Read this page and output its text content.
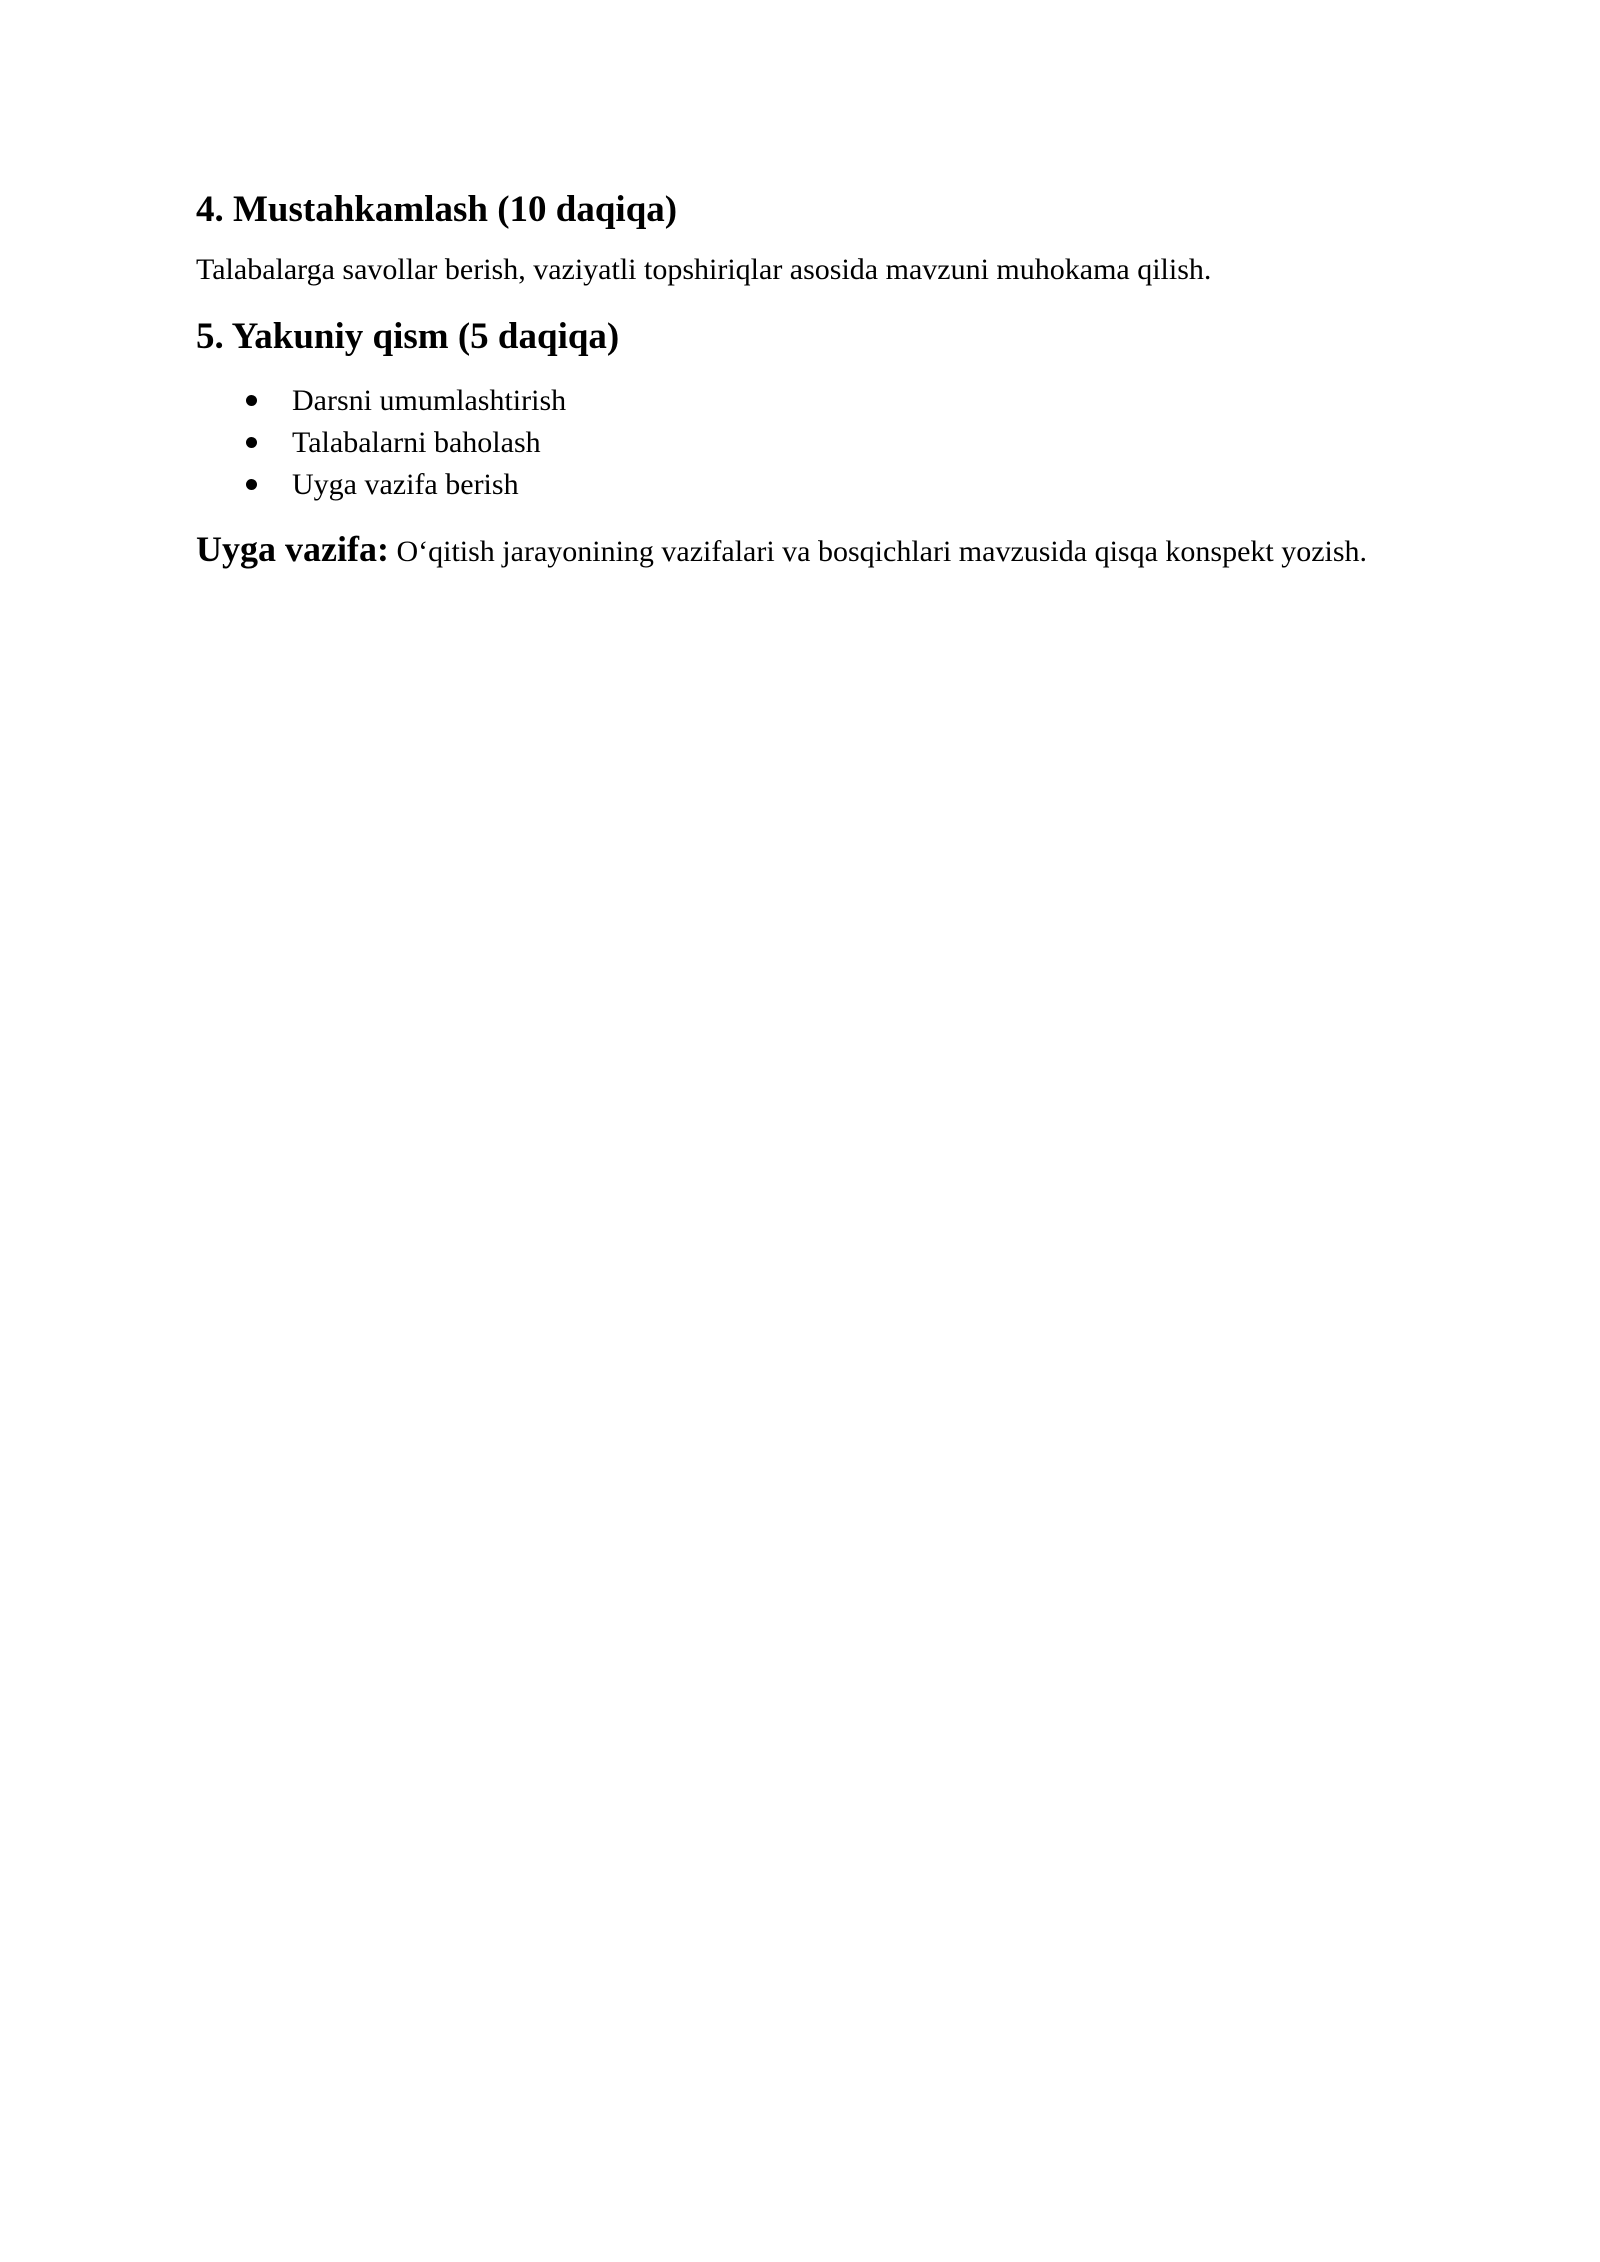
4. Mustahkamlash (10 daqiqa)

Talabalarga savollar berish, vaziyatli topshiriqlar asosida mavzuni muhokama qilish.

5. Yakuniy qism (5 daqiqa)
Darsni umumlashtirish
Talabalarni baholash
Uyga vazifa berish

Uyga vazifa: O‘qitish jarayonining vazifalari va bosqichlari mavzusida qisqa konspekt yozish.
